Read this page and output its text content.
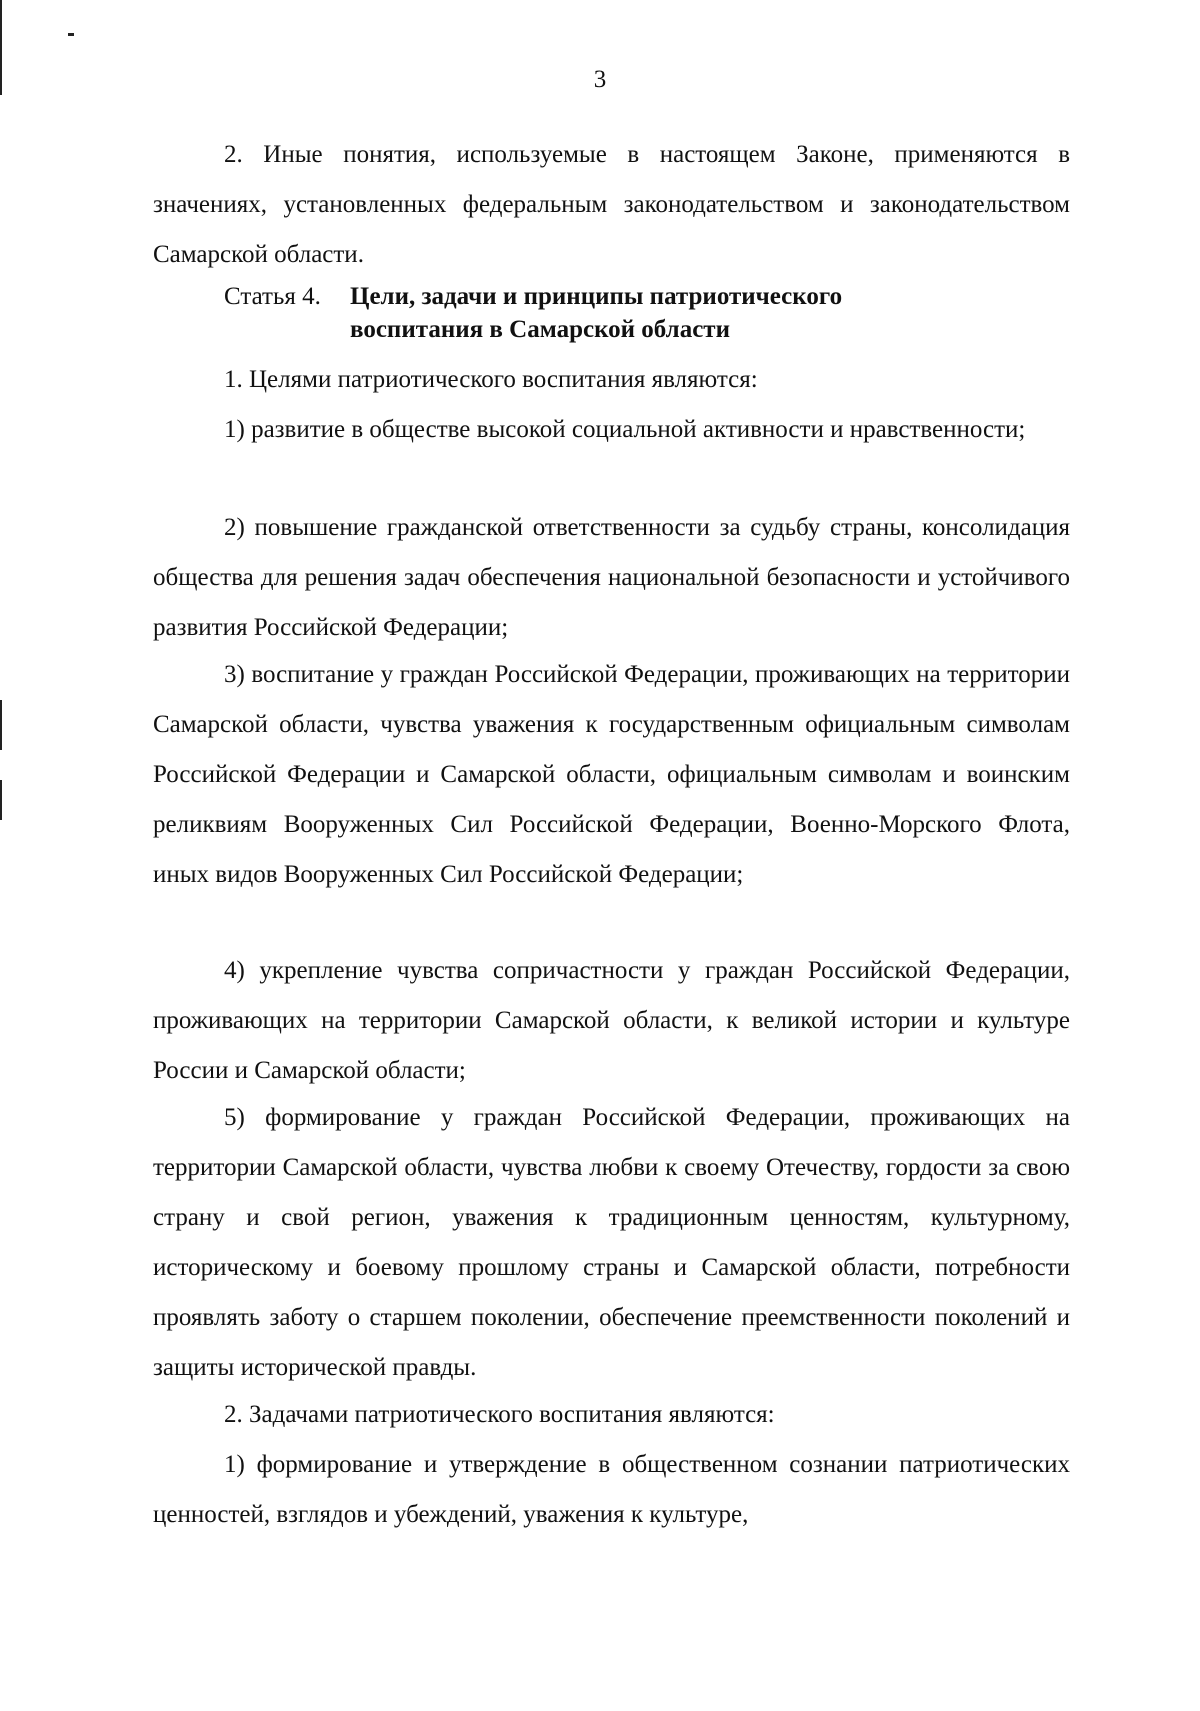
3

2. Иные понятия, используемые в настоящем Законе, применяются в значениях, установленных федеральным законодательством и законодательством Самарской области.

Статья 4. Цели, задачи и принципы патриотического
воспитания в Самарской области

1. Целями патриотического воспитания являются:

1) развитие в обществе высокой социальной активности и нравственности;

2) повышение гражданской ответственности за судьбу страны, консолидация общества для решения задач обеспечения национальной безопасности и устойчивого развития Российской Федерации;

3) воспитание у граждан Российской Федерации, проживающих на территории Самарской области, чувства уважения к государственным официальным символам Российской Федерации и Самарской области, официальным символам и воинским реликвиям Вооруженных Сил Российской Федерации, Военно-Морского Флота, иных видов Вооруженных Сил Российской Федерации;

4) укрепление чувства сопричастности у граждан Российской Федерации, проживающих на территории Самарской области, к великой истории и культуре России и Самарской области;

5) формирование у граждан Российской Федерации, проживающих на территории Самарской области, чувства любви к своему Отечеству, гордости за свою страну и свой регион, уважения к традиционным ценностям, культурному, историческому и боевому прошлому страны и Самарской области, потребности проявлять заботу о старшем поколении, обеспечение преемственности поколений и защиты исторической правды.

2. Задачами патриотического воспитания являются:

1) формирование и утверждение в общественном сознании патриотических ценностей, взглядов и убеждений, уважения к культуре,
